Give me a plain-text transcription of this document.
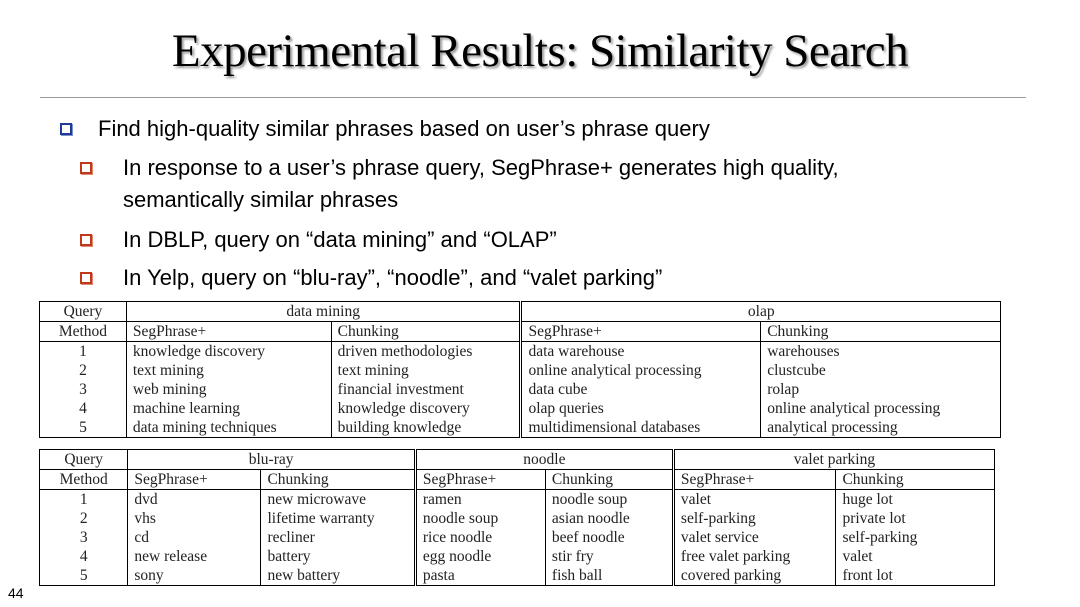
Experimental Results: Similarity Search
Find high-quality similar phrases based on user’s phrase query
In response to a user’s phrase query, SegPhrase+ generates high quality,
semantically similar phrases
In DBLP, query on “data mining” and “OLAP”
In Yelp, query on “blu-ray”, “noodle”, and “valet parking”
Query	data mining		olap	
Method	SegPhrase+	Chunking	SegPhrase+	Chunking
1	knowledge discovery	driven methodologies	data warehouse	warehouses
2	text mining	text mining	online analytical processing	clustcube
3	web mining	financial investment	data cube	rolap
4	machine learning	knowledge discovery	olap queries	online analytical processing
5	data mining techniques	building knowledge	multidimensional databases	analytical processing
Query	blu-ray		noodle		valet parking	
Method	SegPhrase+	Chunking	SegPhrase+	Chunking	SegPhrase+	Chunking
1	dvd	new microwave	ramen	noodle soup	valet	huge lot
2	vhs	lifetime warranty	noodle soup	asian noodle	self-parking	private lot
3	cd	recliner	rice noodle	beef noodle	valet service	self-parking
4	new release	battery	egg noodle	stir fry	free valet parking	valet
5	sony	new battery	pasta	fish ball	covered parking	front lot
44
